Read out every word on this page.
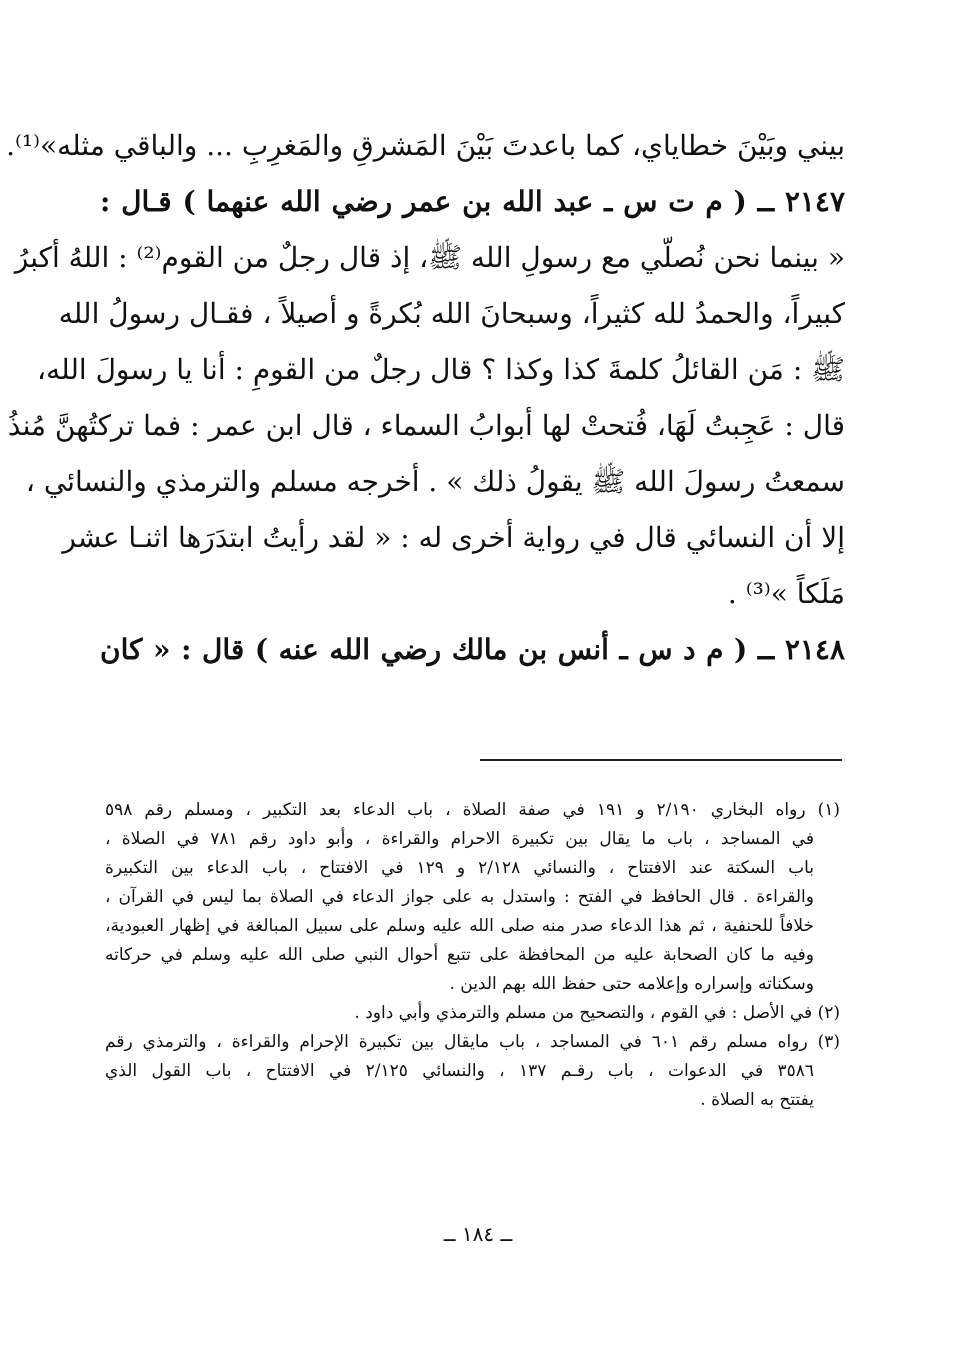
بيني وبَيْنَ خطاياي، كما باعدتَ بَيْنَ المَشرقِ والمَغرِبِ ... والباقي مثله»⁽¹⁾.
٢١٤٧ ــ ( م ت س ـ عبد الله بن عمر رضي الله عنهما ) قـال :
« بينما نحن نُصلّي مع رسولِ الله ﷺ، إذ قال رجلٌ من القوم⁽²⁾ : اللهُ أكبرُ
كبيراً، والحمدُ لله كثيراً، وسبحانَ الله بُكرةً و أصيلاً ، فقـال رسولُ الله
ﷺ : مَن القائلُ كلمةَ كذا وكذا ؟ قال رجلٌ من القومِ : أنا يا رسولَ الله،
قال : عَجِبتُ لَهَا، فُتحتْ لها أبوابُ السماء ، قال ابن عمر : فما تركتُهنَّ مُنذُ
سمعتُ رسولَ الله ﷺ يقولُ ذلك » . أخرجه مسلم والترمذي والنسائي ،
إلا أن النسائي قال في رواية أخرى له : « لقد رأيتُ ابتدَرَها اثنـا عشر
مَلَكاً »⁽³⁾ .
٢١٤٨ ــ ( م د س ـ أنس بن مالك رضي الله عنه ) قال : « كان
(١) رواه البخاري ٢/١٩٠ و ١٩١ في صفة الصلاة ، باب الدعاء بعد التكبير ، ومسلم رقم ٥٩٨
في المساجد ، باب ما يقال بين تكبيرة الاحرام والقراءة ، وأبو داود رقم ٧٨١ في الصلاة ،
باب السكتة عند الافتتاح ، والنسائي ٢/١٢٨ و ١٢٩ في الافتتاح ، باب الدعاء بين التكبيرة
والقراءة . قال الحافظ في الفتح : واستدل به على جواز الدعاء في الصلاة بما ليس في القرآن ،
خلافاً للحنفية ، ثم هذا الدعاء صدر منه صلى الله عليه وسلم على سبيل المبالغة في إظهار العبودية،
وفيه ما كان الصحابة عليه من المحافظة على تتبع أحوال النبي صلى الله عليه وسلم في حركاته
وسكناته وإسراره وإعلامه حتى حفظ الله بهم الدين .
(٢) في الأصل : في القوم ، والتصحيح من مسلم والترمذي وأبي داود .
(٣) رواه مسلم رقم ٦٠١ في المساجد ، باب مايقال بين تكبيرة الإحرام والقراءة ، والترمذي رقم
٣٥٨٦ في الدعوات ، باب رقـم ١٣٧ ، والنسائي ٢/١٢٥ في الافتتاح ، باب القول الذي
يفتتح به الصلاة .
ــ ١٨٤ ــ
